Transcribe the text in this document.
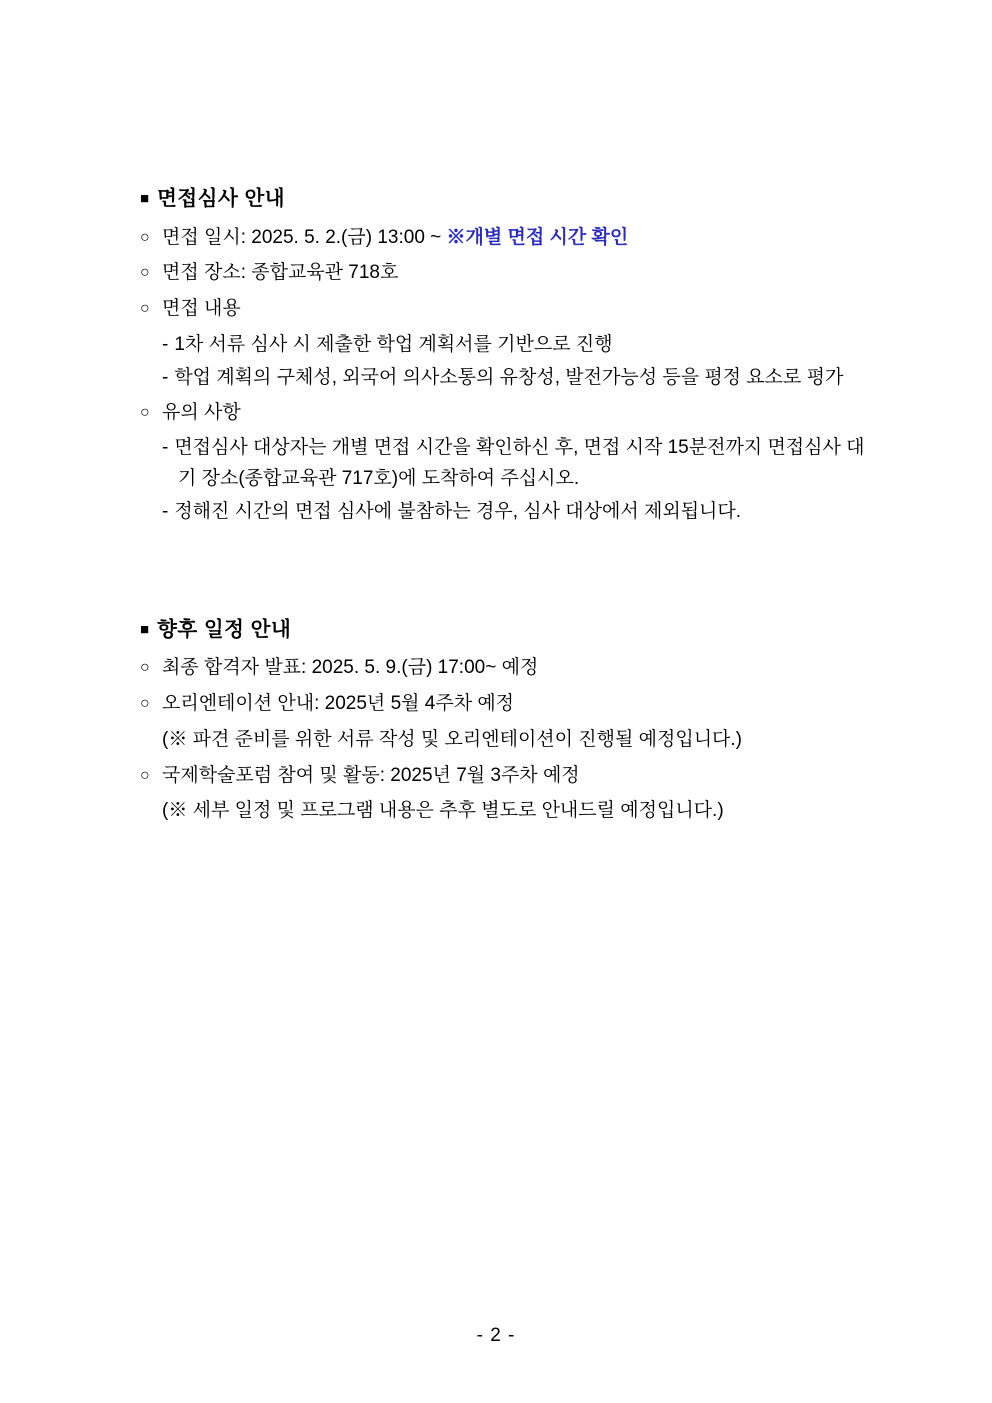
■ 면접심사 안내
○ 면접 일시: 2025. 5. 2.(금) 13:00 ~ ※개별 면접 시간 확인
○ 면접 장소: 종합교육관 718호
○ 면접 내용
- 1차 서류 심사 시 제출한 학업 계획서를 기반으로 진행
- 학업 계획의 구체성, 외국어 의사소통의 유창성, 발전가능성 등을 평정 요소로 평가
○ 유의 사항
- 면접심사 대상자는 개별 면접 시간을 확인하신 후, 면접 시작 15분전까지 면접심사 대기 장소(종합교육관 717호)에 도착하여 주십시오.
- 정해진 시간의 면접 심사에 불참하는 경우, 심사 대상에서 제외됩니다.
■ 향후 일정 안내
○ 최종 합격자 발표: 2025. 5. 9.(금) 17:00~ 예정
○ 오리엔테이션 안내: 2025년 5월 4주차 예정
(※ 파견 준비를 위한 서류 작성 및 오리엔테이션이 진행될 예정입니다.)
○ 국제학술포럼 참여 및 활동: 2025년 7월 3주차 예정
(※ 세부 일정 및 프로그램 내용은 추후 별도로 안내드릴 예정입니다.)
- 2 -
